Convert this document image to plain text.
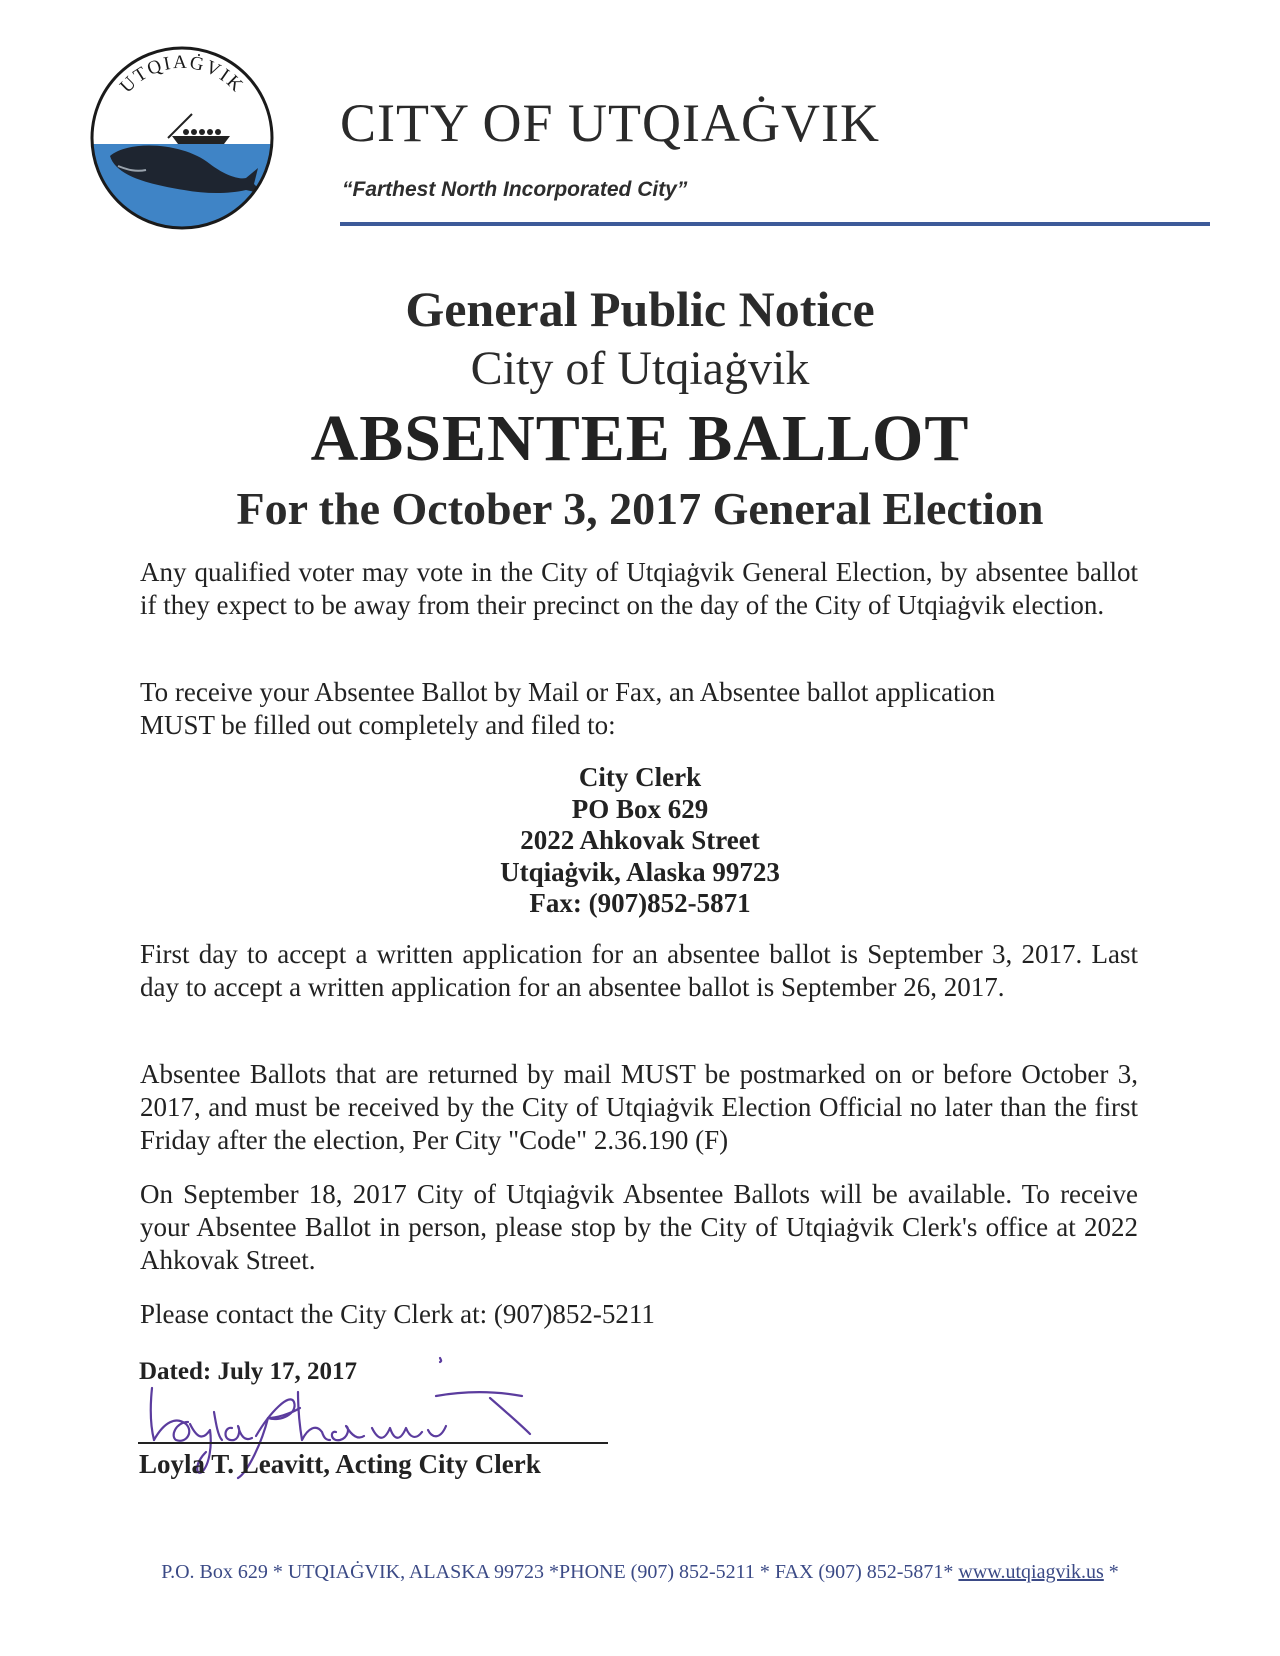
UTQIAĠVIK
CITY OF UTQIAĠVIK
“Farthest North Incorporated City”
General Public Notice
City of Utqiaġvik
ABSENTEE BALLOT
For the October 3, 2017 General Election

Any qualified voter may vote in the City of Utqiaġvik General Election, by absentee ballot if they expect to be away from their precinct on the day of the City of Utqiaġvik election.

To receive your Absentee Ballot by Mail or Fax, an Absentee ballot application

MUST be filled out completely and filed to:

City Clerk
PO Box 629
2022 Ahkovak Street
Utqiaġvik, Alaska 99723
Fax: (907)852-5871

First day to accept a written application for an absentee ballot is September 3, 2017. Last day to accept a written application for an absentee ballot is September 26, 2017.

Absentee Ballots that are returned by mail MUST be postmarked on or before October 3, 2017, and must be received by the City of Utqiaġvik Election Official no later than the first Friday after the election, Per City "Code" 2.36.190 (F)

On September 18, 2017 City of Utqiaġvik Absentee Ballots will be available. To receive your Absentee Ballot in person, please stop by the City of Utqiaġvik Clerk's office at 2022 Ahkovak Street.

Please contact the City Clerk at: (907)852-5211

Dated: July 17, 2017
Loyla T. Leavitt, Acting City Clerk
P.O. Box 629 * UTQIAĠVIK, ALASKA 99723 *PHONE (907) 852-5211 * FAX (907) 852-5871* www.utqiagvik.us *
